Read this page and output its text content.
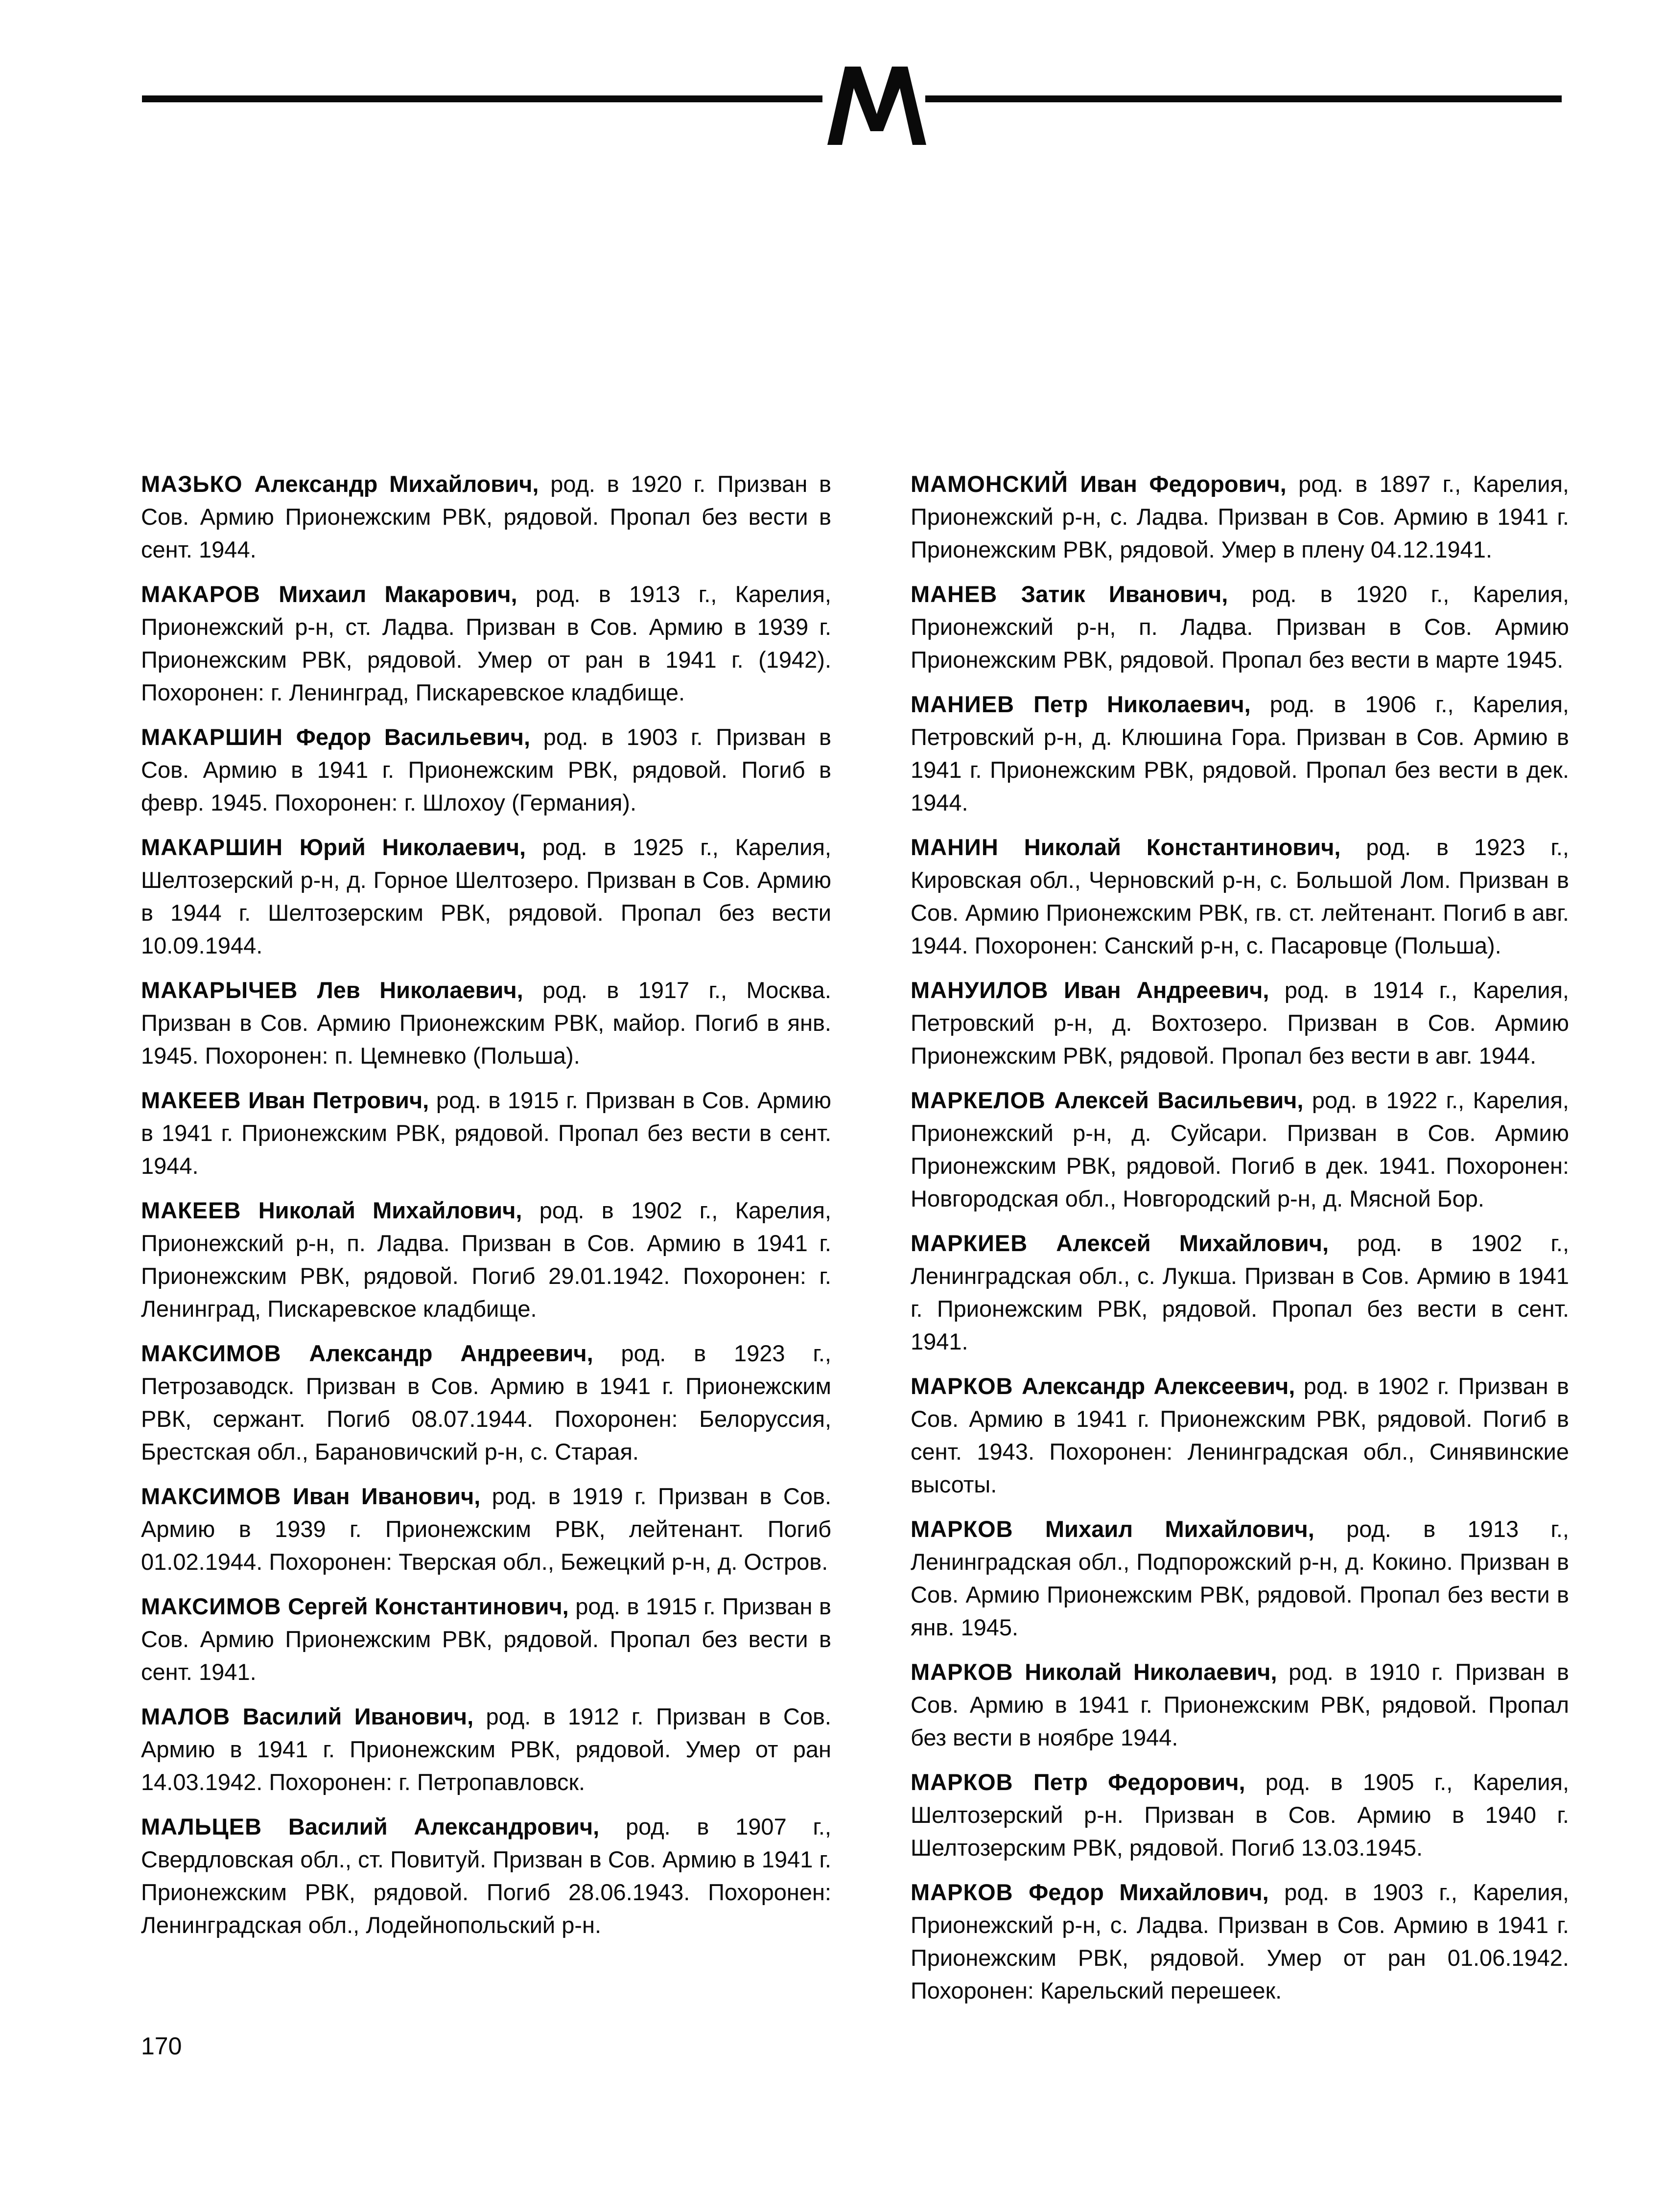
МАЗЬКО Александр Михайлович, род. в 1920 г. Призван в Сов. Армию Прионежским РВК, рядовой. Пропал без вести в сент. 1944.

МАКАРОВ Михаил Макарович, род. в 1913 г., Карелия, Прионежский р-н, ст. Ладва. Призван в Сов. Армию в 1939 г. Прионежским РВК, рядовой. Умер от ран в 1941 г. (1942). Похоронен: г. Ленинград, Пискаревское кладбище.

МАКАРШИН Федор Васильевич, род. в 1903 г. Призван в Сов. Армию в 1941 г. Прионежским РВК, рядовой. Погиб в февр. 1945. Похоронен: г. Шлохоу (Германия).

МАКАРШИН Юрий Николаевич, род. в 1925 г., Карелия, Шелтозерский р-н, д. Горное Шелтозеро. Призван в Сов. Армию в 1944 г. Шелтозерским РВК, рядовой. Пропал без вести 10.09.1944.

МАКАРЫЧЕВ Лев Николаевич, род. в 1917 г., Москва. Призван в Сов. Армию Прионежским РВК, майор. Погиб в янв. 1945. Похоронен: п. Цемневко (Польша).

МАКЕЕВ Иван Петрович, род. в 1915 г. Призван в Сов. Армию в 1941 г. Прионежским РВК, рядовой. Пропал без вести в сент. 1944.

МАКЕЕВ Николай Михайлович, род. в 1902 г., Карелия, Прионежский р-н, п. Ладва. Призван в Сов. Армию в 1941 г. Прионежским РВК, рядовой. Погиб 29.01.1942. Похоронен: г. Ленинград, Пискаревское кладбище.

МАКСИМОВ Александр Андреевич, род. в 1923 г., Петрозаводск. Призван в Сов. Армию в 1941 г. Прионежским РВК, сержант. Погиб 08.07.1944. Похоронен: Белоруссия, Брестская обл., Барановичский р-н, с. Старая.

МАКСИМОВ Иван Иванович, род. в 1919 г. Призван в Сов. Армию в 1939 г. Прионежским РВК, лейтенант. Погиб 01.02.1944. Похоронен: Тверская обл., Бежецкий р-н, д. Остров.

МАКСИМОВ Сергей Константинович, род. в 1915 г. Призван в Сов. Армию Прионежским РВК, рядовой. Пропал без вести в сент. 1941.

МАЛОВ Василий Иванович, род. в 1912 г. Призван в Сов. Армию в 1941 г. Прионежским РВК, рядовой. Умер от ран 14.03.1942. Похоронен: г. Петропавловск.

МАЛЬЦЕВ Василий Александрович, род. в 1907 г., Свердловская обл., ст. Повитуй. Призван в Сов. Армию в 1941 г. Прионежским РВК, рядовой. Погиб 28.06.1943. Похоронен: Ленинградская обл., Лодейнопольский р-н.

МАМОНСКИЙ Иван Федорович, род. в 1897 г., Карелия, Прионежский р-н, с. Ладва. Призван в Сов. Армию в 1941 г. Прионежским РВК, рядовой. Умер в плену 04.12.1941.

МАНЕВ Затик Иванович, род. в 1920 г., Карелия, Прионежский р-н, п. Ладва. Призван в Сов. Армию Прионежским РВК, рядовой. Пропал без вести в марте 1945.

МАНИЕВ Петр Николаевич, род. в 1906 г., Карелия, Петровский р-н, д. Клюшина Гора. Призван в Сов. Армию в 1941 г. Прионежским РВК, рядовой. Пропал без вести в дек. 1944.

МАНИН Николай Константинович, род. в 1923 г., Кировская обл., Черновский р-н, с. Большой Лом. Призван в Сов. Армию Прионежским РВК, гв. ст. лейтенант. Погиб в авг. 1944. Похоронен: Санский р-н, с. Пасаровце (Польша).

МАНУИЛОВ Иван Андреевич, род. в 1914 г., Карелия, Петровский р-н, д. Вохтозеро. Призван в Сов. Армию Прионежским РВК, рядовой. Пропал без вести в авг. 1944.

МАРКЕЛОВ Алексей Васильевич, род. в 1922 г., Карелия, Прионежский р-н, д. Суйсари. Призван в Сов. Армию Прионежским РВК, рядовой. Погиб в дек. 1941. Похоронен: Новгородская обл., Новгородский р-н, д. Мясной Бор.

МАРКИЕВ Алексей Михайлович, род. в 1902 г., Ленинградская обл., с. Лукша. Призван в Сов. Армию в 1941 г. Прионежским РВК, рядовой. Пропал без вести в сент. 1941.

МАРКОВ Александр Алексеевич, род. в 1902 г. Призван в Сов. Армию в 1941 г. Прионежским РВК, рядовой. Погиб в сент. 1943. Похоронен: Ленинградская обл., Синявинские высоты.

МАРКОВ Михаил Михайлович, род. в 1913 г., Ленинградская обл., Подпорожский р-н, д. Кокино. Призван в Сов. Армию Прионежским РВК, рядовой. Пропал без вести в янв. 1945.

МАРКОВ Николай Николаевич, род. в 1910 г. Призван в Сов. Армию в 1941 г. Прионежским РВК, рядовой. Пропал без вести в ноябре 1944.

МАРКОВ Петр Федорович, род. в 1905 г., Карелия, Шелтозерский р-н. Призван в Сов. Армию в 1940 г. Шелтозерским РВК, рядовой. Погиб 13.03.1945.

МАРКОВ Федор Михайлович, род. в 1903 г., Карелия, Прионежский р-н, с. Ладва. Призван в Сов. Армию в 1941 г. Прионежским РВК, рядовой. Умер от ран 01.06.1942. Похоронен: Карельский перешеек.

170
